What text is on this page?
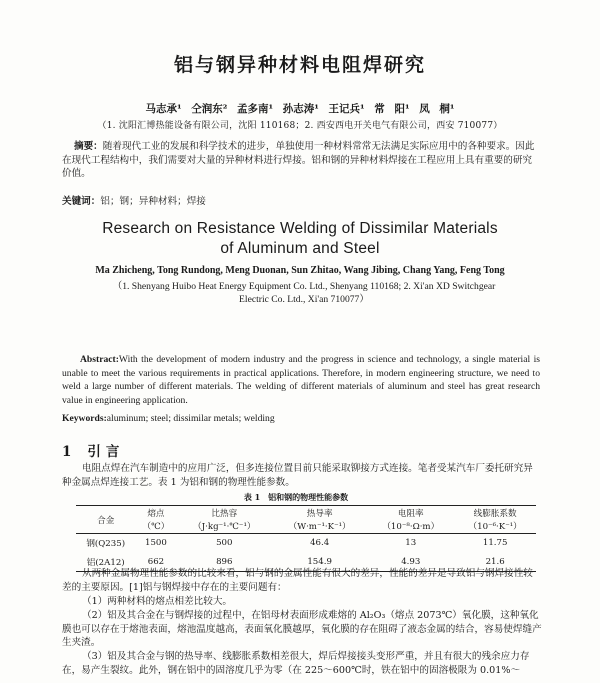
铝与钢异种材料电阻焊研究
马志承¹ 仝润东² 孟多南¹ 孙志涛¹ 王记兵¹ 常 阳¹ 凤 桐¹
（1. 沈阳汇博热能设备有限公司，沈阳 110168；2. 西安西电开关电气有限公司，西安 710077）
摘要：随着现代工业的发展和科学技术的进步，单独使用一种材料常常无法满足实际应用中的各种要求。因此在现代工程结构中，我们需要对大量的异种材料进行焊接。铝和钢的异种材料焊接在工程应用上具有重要的研究价值。
关键词：铝；钢；异种材料；焊接
Research on Resistance Welding of Dissimilar Materials
of Aluminum and Steel
Ma Zhicheng, Tong Rundong, Meng Duonan, Sun Zhitao, Wang Jibing, Chang Yang, Feng Tong
（1. Shenyang Huibo Heat Energy Equipment Co. Ltd., Shenyang 110168; 2. Xi'an XD Switchgear
Electric Co. Ltd., Xi'an 710077）
Abstract:With the development of modern industry and the progress in science and technology, a single material is unable to meet the various requirements in practical applications. Therefore, in modern engineering structure, we need to weld a large number of different materials. The welding of different materials of aluminum and steel has great research value in engineering application.
Keywords:aluminum; steel; dissimilar metals; welding
1 引言
电阻点焊在汽车制造中的应用广泛，但多连接位置目前只能采取铆接方式连接。笔者受某汽车厂委托研究异种金属点焊连接工艺。表 1 为铝和钢的物理性能参数。
表 1 铝和钢的物理性能参数
合金	熔点	比热容	热导率	电阻率	线膨胀系数
	（℃）	（J·kg⁻¹·℃⁻¹）	（W·m⁻¹·K⁻¹）	（10⁻⁸·Ω·m）	（10⁻⁶·K⁻¹）
钢(Q235)	1500	500	46.4	13	11.75
铝(2A12)	662	896	154.9	4.93	21.6
从两种金属物理性能参数的比较来看，铝与钢的金属性能有很大的差异，性能的差异是导致铝与钢焊接性较差的主要原因。[1]铝与钢焊接中存在的主要问题有：
（1）两种材料的熔点相差比较大。
（2）铝及其合金在与钢焊接的过程中，在铝母材表面形成难熔的 Al₂O₃（熔点 2073℃）氧化膜，这种氧化膜也可以存在于熔池表面，熔池温度越高，表面氧化膜越厚，氧化膜的存在阻碍了液态金属的结合，容易使焊缝产生夹渣。
（3）铝及其合金与钢的热导率、线膨胀系数相差很大，焊后焊接接头变形严重，并且有很大的残余应力存在，易产生裂纹。此外，钢在铝中的固溶度几乎为零（在 225～600℃时，铁在铝中的固溶极限为 0.01%～
